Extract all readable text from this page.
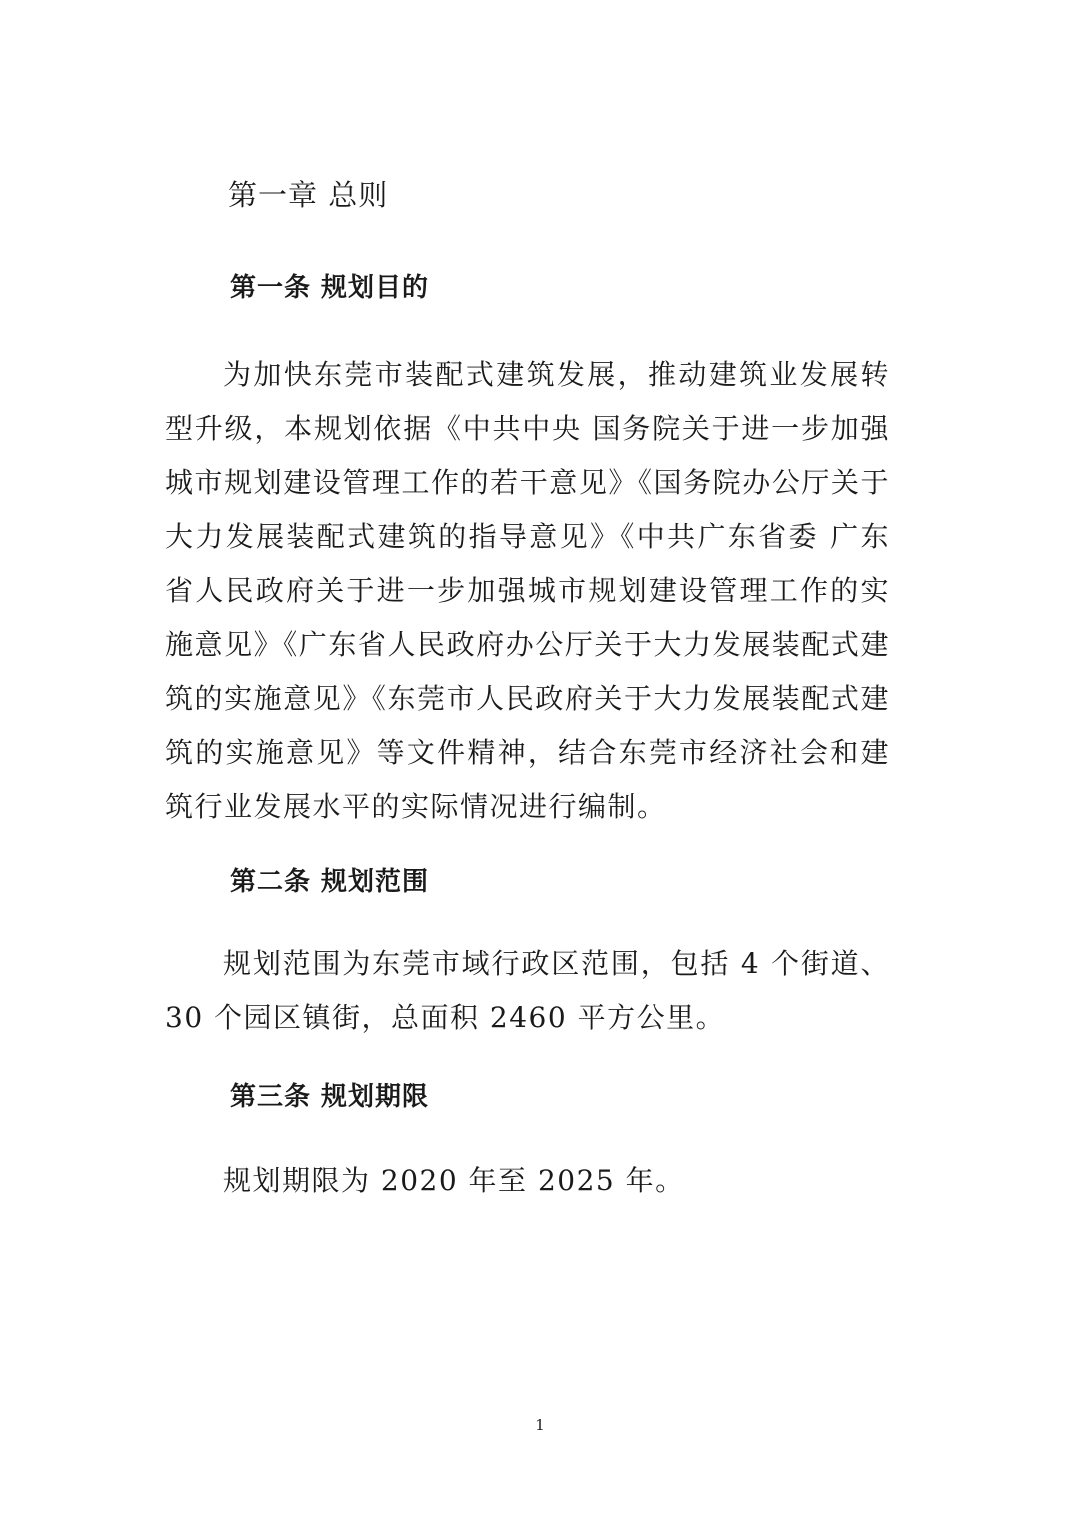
第一章 总则
第一条 规划目的

为加快东莞市装配式建筑发展，推动建筑业发展转型升级，本规划依据《中共中央 国务院关于进一步加强城市规划建设管理工作的若干意见》《国务院办公厅关于大力发展装配式建筑的指导意见》《中共广东省委 广东省人民政府关于进一步加强城市规划建设管理工作的实施意见》《广东省人民政府办公厅关于大力发展装配式建筑的实施意见》《东莞市人民政府关于大力发展装配式建筑的实施意见》等文件精神，结合东莞市经济社会和建筑行业发展水平的实际情况进行编制。

第二条 规划范围

规划范围为东莞市域行政区范围，包括 4 个街道、30 个园区镇街，总面积 2460 平方公里。

第三条 规划期限

规划期限为 2020 年至 2025 年。

1
